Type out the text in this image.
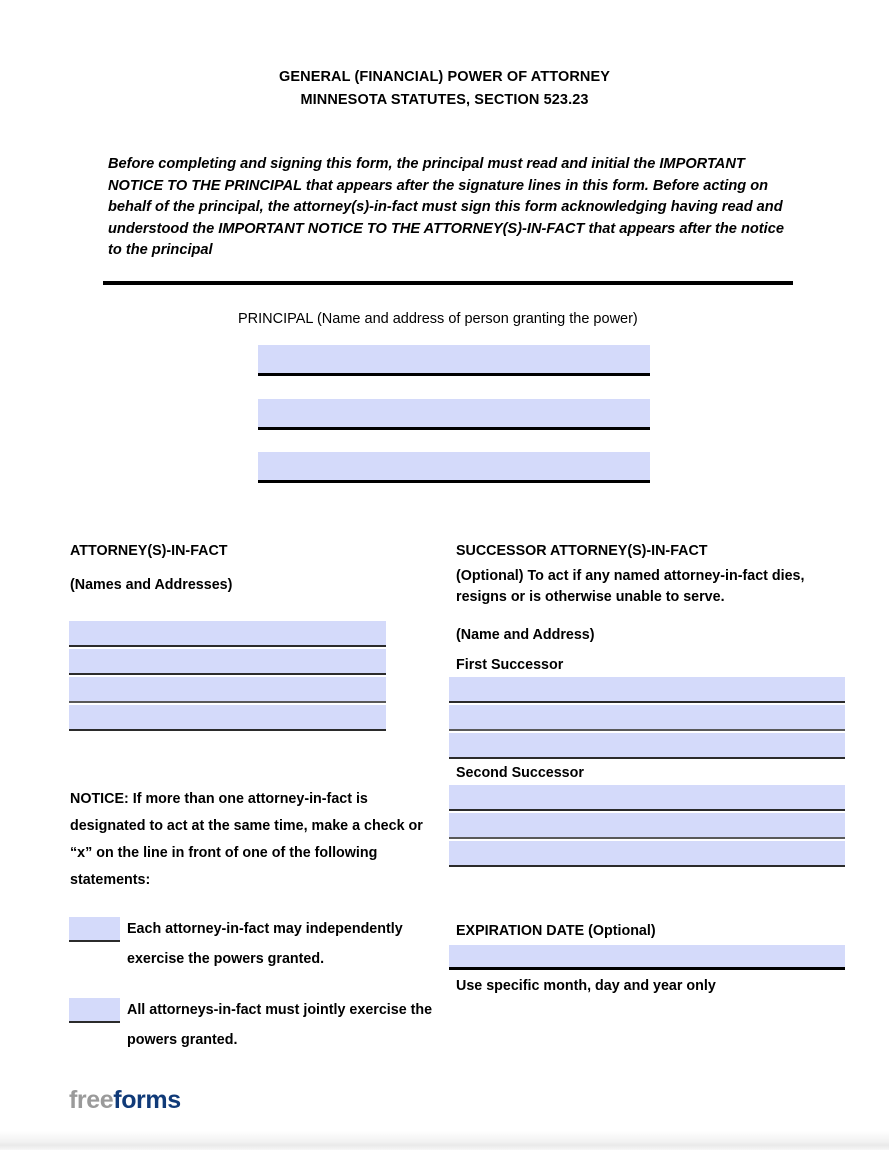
GENERAL (FINANCIAL) POWER OF ATTORNEY
MINNESOTA STATUTES, SECTION 523.23
Before completing and signing this form, the principal must read and initial the IMPORTANT NOTICE TO THE PRINCIPAL that appears after the signature lines in this form. Before acting on behalf of the principal, the attorney(s)-in-fact must sign this form acknowledging having read and understood the IMPORTANT NOTICE TO THE ATTORNEY(S)-IN-FACT that appears after the notice to the principal
PRINCIPAL (Name and address of person granting the power)
ATTORNEY(S)-IN-FACT
(Names and Addresses)
NOTICE: If more than one attorney-in-fact is designated to act at the same time, make a check or “x” on the line in front of one of the following statements:
Each attorney-in-fact may independently exercise the powers granted.
All attorneys-in-fact must jointly exercise the powers granted.
SUCCESSOR ATTORNEY(S)-IN-FACT
(Optional) To act if any named attorney-in-fact dies, resigns or is otherwise unable to serve.
(Name and Address)
First Successor
Second Successor
EXPIRATION DATE (Optional)
Use specific month, day and year only
freeforms
